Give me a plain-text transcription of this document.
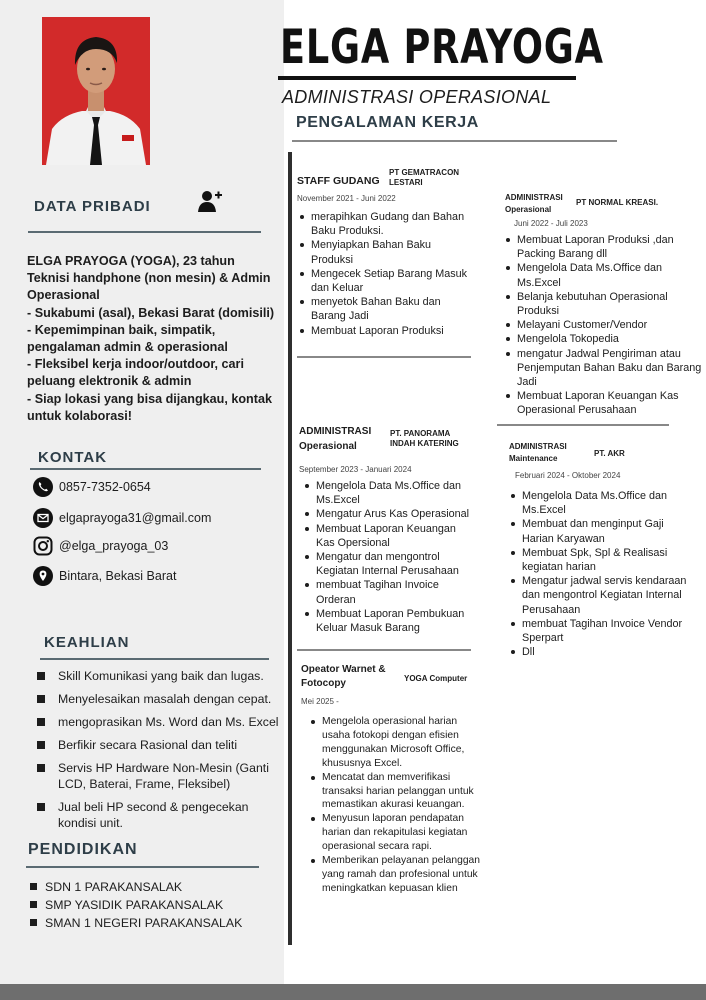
DATA PRIBADI
ELGA PRAYOGA (YOGA), 23 tahun
Teknisi handphone (non mesin) & Admin
Operasional
- Sukabumi (asal), Bekasi Barat (domisili)
- Kepemimpinan baik, simpatik,
pengalaman admin & operasional
- Fleksibel kerja indoor/outdoor, cari
peluang elektronik & admin
- Siap lokasi yang bisa dijangkau, kontak
untuk kolaborasi!
KONTAK
0857-7352-0654
elgaprayoga31@gmail.com
@elga_prayoga_03
Bintara, Bekasi Barat
KEAHLIAN
Skill Komunikasi yang baik dan lugas.
Menyelesaikan masalah dengan cepat.
mengoprasikan Ms. Word dan Ms. Excel
Berfikir secara Rasional dan teliti
Servis HP Hardware Non-Mesin (Ganti LCD, Baterai, Frame, Fleksibel)
Jual beli HP second & pengecekan kondisi unit.
PENDIDIKAN
SDN 1 PARAKANSALAK
SMP YASIDIK PARAKANSALAK
SMAN 1 NEGERI PARAKANSALAK
ELGA PRAYOGA
ADMINISTRASI OPERASIONAL
PENGALAMAN KERJA
STAFF GUDANG
PT GEMATRACON LESTARI
November 2021 - Juni 2022
merapihkan Gudang dan Bahan Baku Produksi.
Menyiapkan Bahan Baku Produksi
Mengecek Setiap Barang Masuk dan Keluar
menyetok Bahan Baku dan Barang Jadi
Membuat Laporan Produksi
ADMINISTRASI Operasional
PT NORMAL KREASI.
Juni 2022 - Juli 2023
Membuat Laporan Produksi ,dan Packing Barang dll
Mengelola Data Ms.Office dan Ms.Excel
Belanja kebutuhan Operasional Produksi
Melayani Customer/Vendor
Mengelola Tokopedia
mengatur Jadwal Pengiriman atau Penjemputan Bahan Baku dan Barang Jadi
Membuat Laporan Keuangan Kas Operasional Perusahaan
ADMINISTRASI Operasional
PT. PANORAMA INDAH KATERING
September 2023 - Januari 2024
Mengelola Data Ms.Office dan Ms.Excel
Mengatur Arus Kas Operasional
Membuat Laporan Keuangan Kas Opersional
Mengatur dan mengontrol Kegiatan Internal Perusahaan
membuat Tagihan Invoice Orderan
Membuat Laporan Pembukuan Keluar Masuk Barang
ADMINISTRASI Maintenance	PT. AKR
Februari 2024 - Oktober 2024
Mengelola Data Ms.Office dan Ms.Excel
Membuat dan menginput Gaji Harian Karyawan
Membuat Spk, Spl & Realisasi kegiatan harian
Mengatur jadwal servis kendaraan dan mengontrol Kegiatan Internal Perusahaan
membuat Tagihan Invoice Vendor Sperpart
Dll
Opeator Warnet & Fotocopy	YOGA Computer
Mei 2025 -
Mengelola operasional harian usaha fotokopi dengan efisien menggunakan Microsoft Office, khususnya Excel.
Mencatat dan memverifikasi transaksi harian pelanggan untuk memastikan akurasi keuangan.
Menyusun laporan pendapatan harian dan rekapitulasi kegiatan operasional secara rapi.
Memberikan pelayanan pelanggan yang ramah dan profesional untuk meningkatkan kepuasan klien
